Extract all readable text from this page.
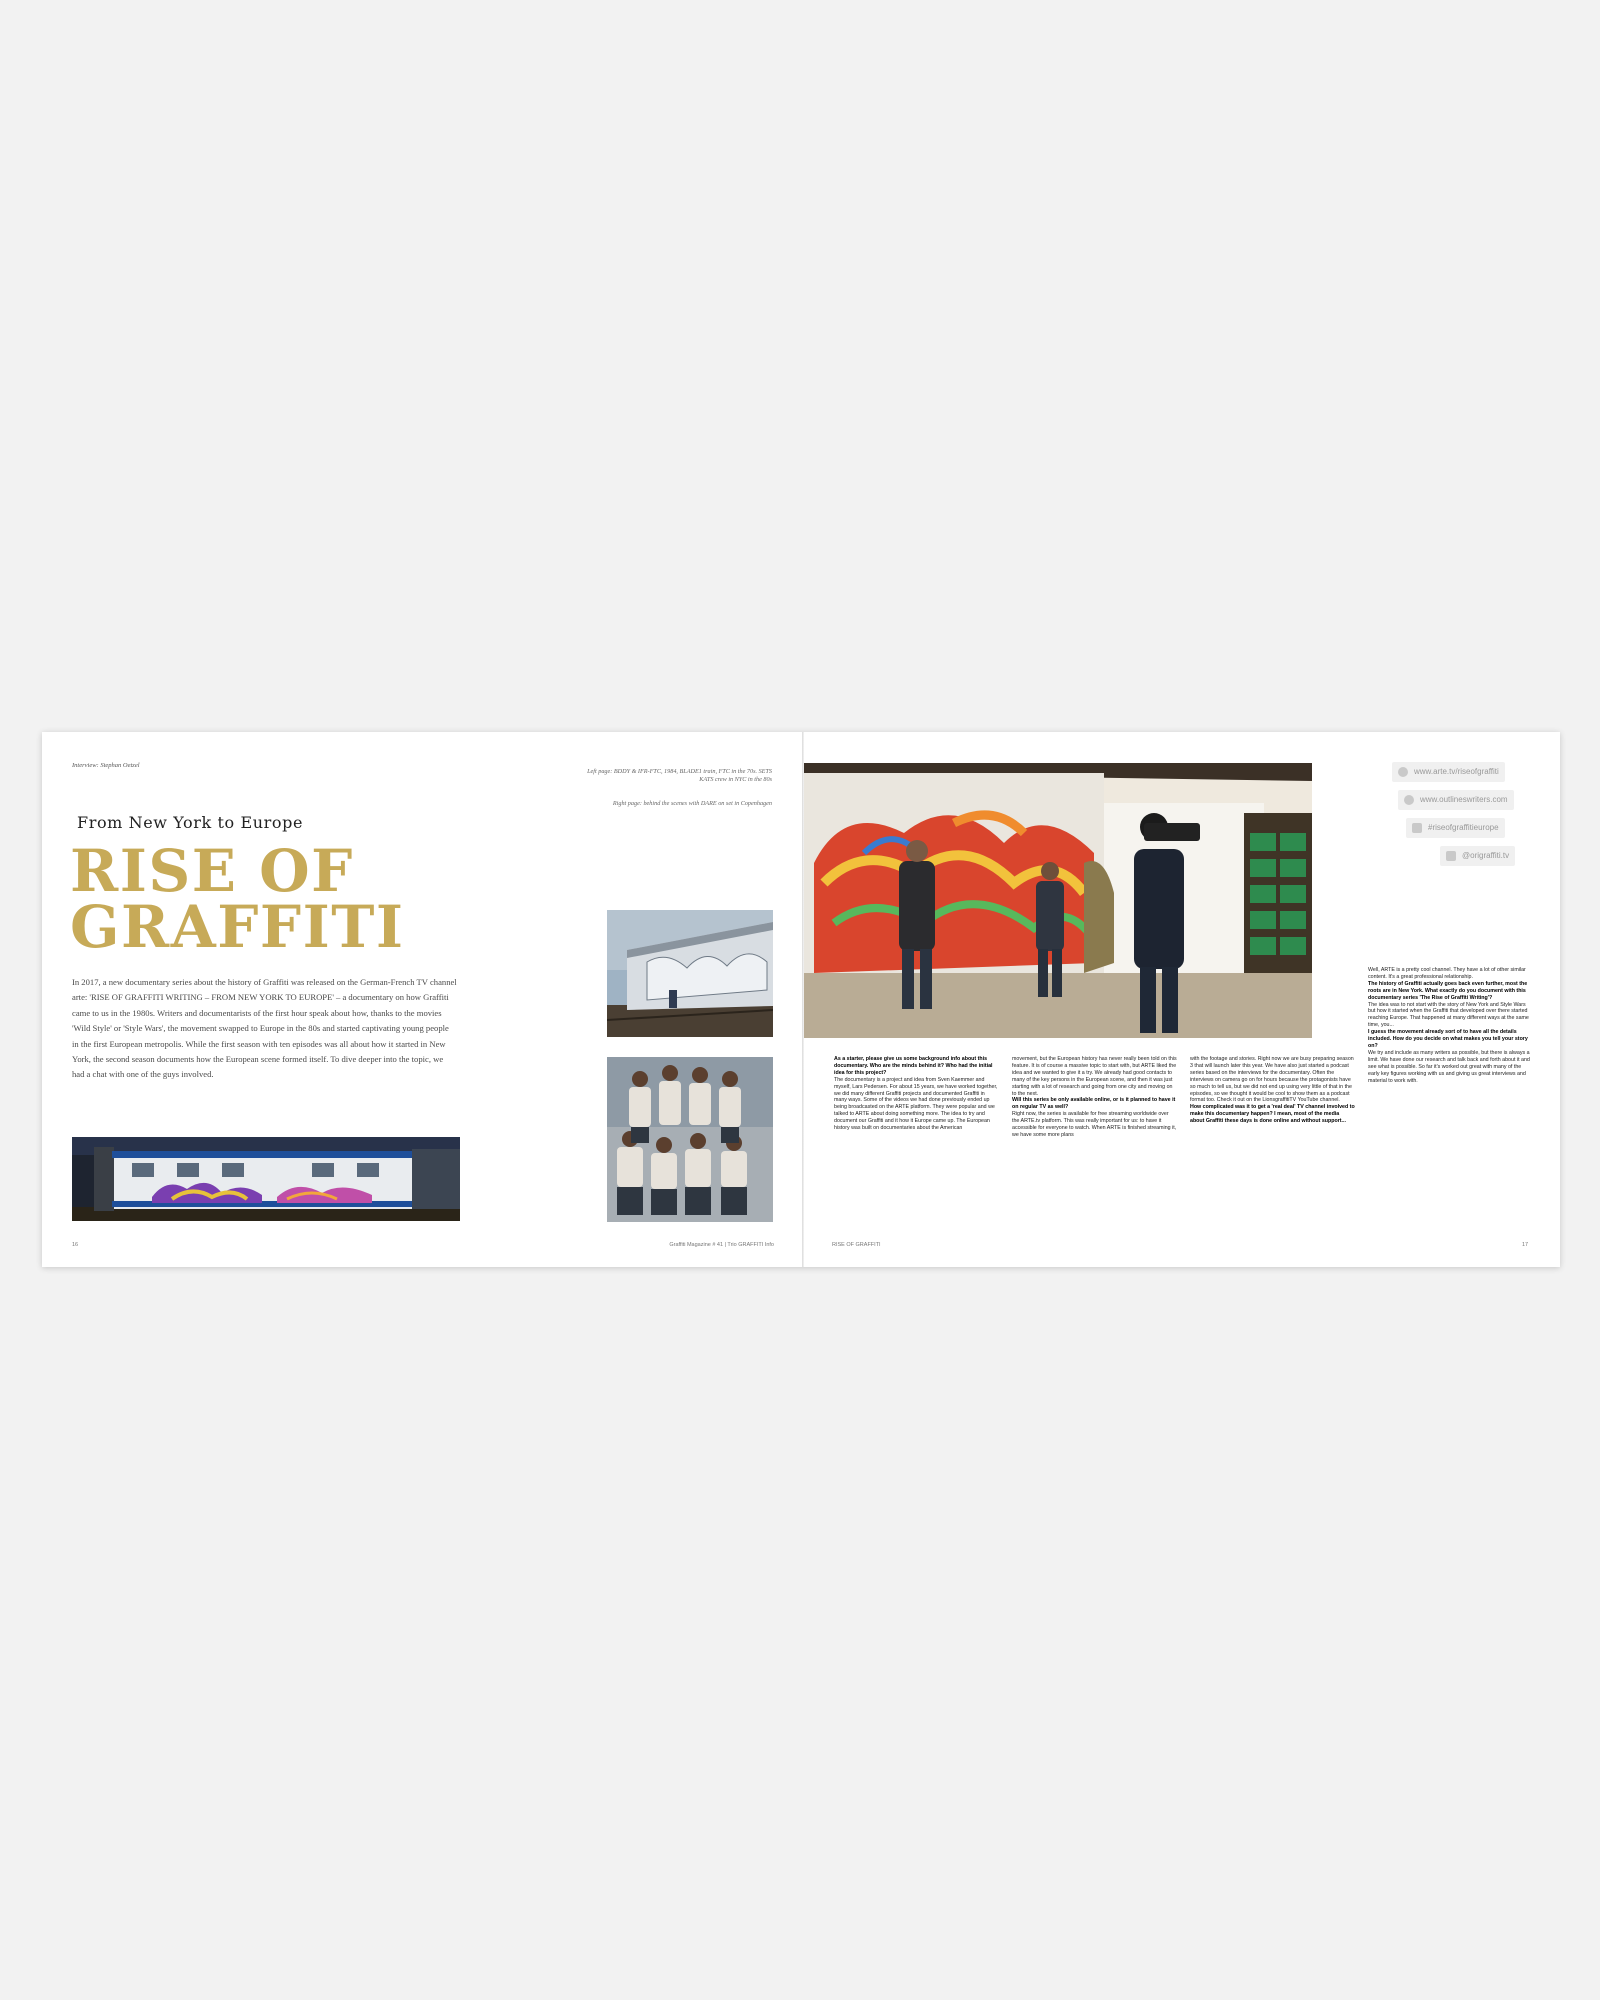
Interview: Stephan Oetzel
From New York to Europe
RISE OF
GRAFFITI

In 2017, a new documentary series about the history of Graffiti was released on the German-French TV channel arte: 'RISE OF GRAFFITI WRITING – FROM NEW YORK TO EUROPE' – a documentary on how Graffiti came to us in the 1980s. Writers and documentarists of the first hour speak about how, thanks to the movies 'Wild Style' or 'Style Wars', the movement swapped to Europe in the 80s and started captivating young people in the first European metropolis. While the first season with ten episodes was all about how it started in New York, the second season documents how the European scene formed itself. To dive deeper into the topic, we had a chat with one of the guys involved.

Left page: BDDY & IFR-FTC, 1984, BLADE1 train, FTC in the 70s. SETS KATS crew in NYC in the 80s
Right page: behind the scenes with DARE on set in Copenhagen
16	Graffiti Magazine # 41 | Trio GRAFFITI Info
www.arte.tv/riseofgraffiti
www.outlineswriters.com
#riseofgraffitieurope
@origraffiti.tv
As a starter, please give us some background info about this documentary. Who are the minds behind it? Who had the initial idea for this project?
The documentary is a project and idea from Sven Kaemmer and myself, Lars Pedersen. For about 15 years, we have worked together, we did many different Graffiti projects and documented Graffiti in many ways. Some of the videos we had done previously ended up being broadcasted on the ARTE platform. They were popular and we talked to ARTE about doing something more. The idea to try and document our Graffiti and it how it Europe came up. The European history was built on documentaries about the American
movement, but the European history has never really been told on this feature. It is of course a massive topic to start with, but ARTE liked the idea and we wanted to give it a try. We already had good contacts to many of the key persons in the European scene, and then it was just starting with a lot of research and going from one city and moving on to the next.
Will this series be only available online, or is it planned to have it on regular TV as well?
Right now, the series is available for free streaming worldwide over the ARTE.tv platform. This was really important for us: to have it accessible for everyone to watch. When ARTE is finished streaming it, we have some more plans
with the footage and stories. Right now we are busy preparing season 3 that will launch later this year. We have also just started a podcast series based on the interviews for the documentary. Often the interviews on camera go on for hours because the protagonists have so much to tell us, but we did not end up using very little of that in the episodes, so we thought it would be cool to show them as a podcast format too. Check it out on the LionsgraffitiTV YouTube channel.
How complicated was it to get a 'real deal' TV channel involved to make this documentary happen? I mean, most of the media about Graffiti these days is done online and without support...
Well, ARTE is a pretty cool channel. They have a lot of other similar content. It's a great professional relationship.
The history of Graffiti actually goes back even further, most the roots are in New York. What exactly do you document with this documentary series 'The Rise of Graffiti Writing'?
The idea was to not start with the story of New York and Style Wars but how it started when the Graffiti that developed over there started reaching Europe. That happened at many different ways at the same time, you...
I guess the movement already sort of to have all the details included. How do you decide on what makes you tell your story on?
We try and include as many writers as possible, but there is always a limit. We have done our research and talk back and forth about it and see what is possible. So far it's worked out great with many of the early key figures working with us and giving us great interviews and material to work with.
RISE OF GRAFFITI	17
